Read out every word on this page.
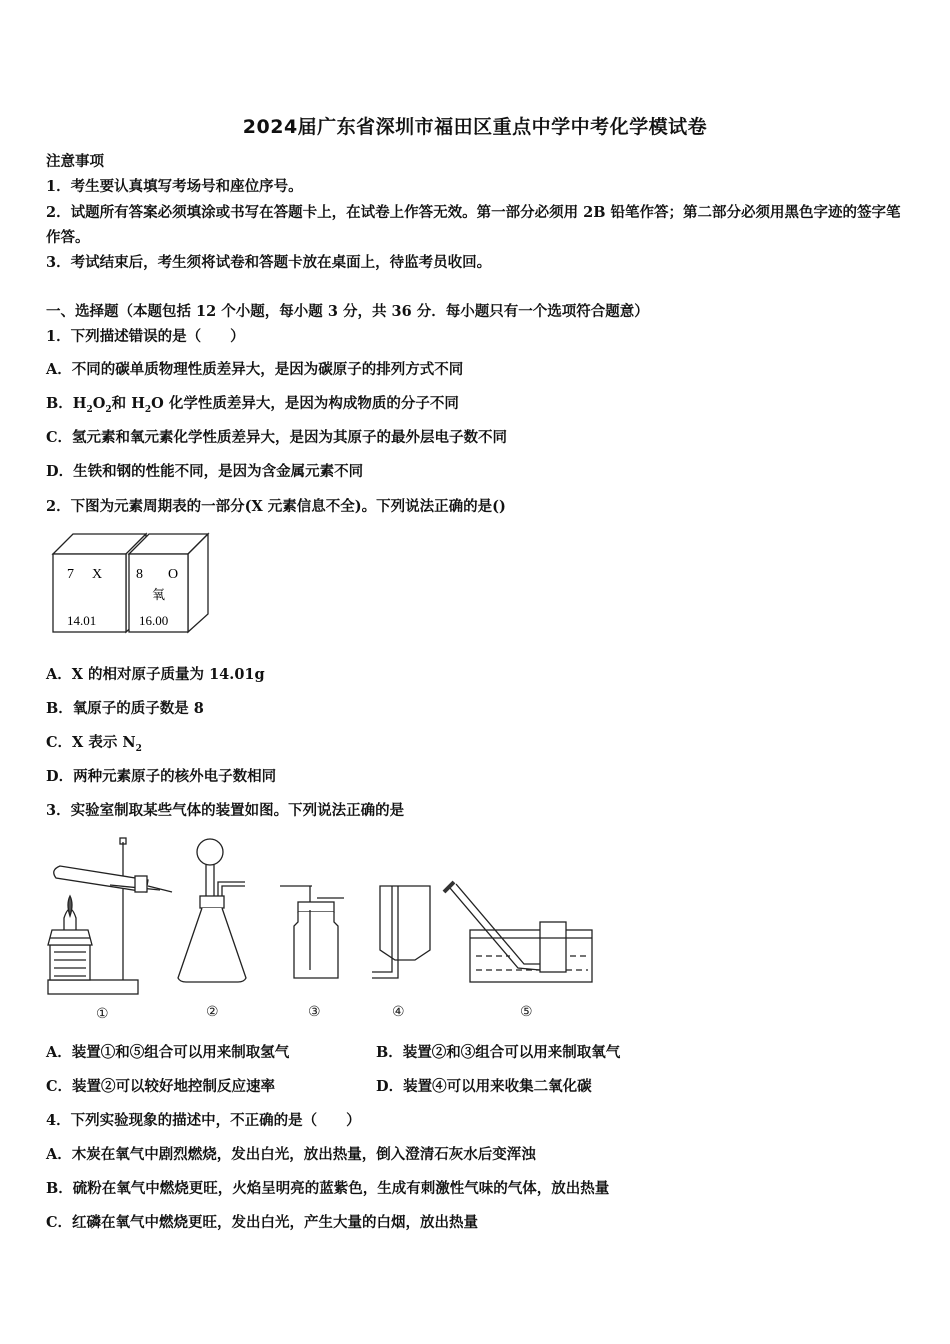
2024届广东省深圳市福田区重点中学中考化学模试卷
注意事项
1．考生要认真填写考场号和座位序号。
2．试题所有答案必须填涂或书写在答题卡上，在试卷上作答无效。第一部分必须用 2B 铅笔作答；第二部分必须用黑色字迹的签字笔作答。
3．考试结束后，考生须将试卷和答题卡放在桌面上，待监考员收回。
一、选择题（本题包括 12 个小题，每小题 3 分，共 36 分．每小题只有一个选项符合题意）
1．下列描述错误的是（　　）
A．不同的碳单质物理性质差异大，是因为碳原子的排列方式不同
B．$H_2O_2$和 $H_2O$ 化学性质差异大，是因为构成物质的分子不同
C．氢元素和氧元素化学性质差异大，是因为其原子的最外层电子数不同
D．生铁和钢的性能不同，是因为含金属元素不同
2．下图为元素周期表的一部分(X 元素信息不全)。下列说法正确的是()
7 X
14.01
8 O
氧
16.00
A．X 的相对原子质量为 14.01g
B．氧原子的质子数是 8
C．X 表示 $N_2$
D．两种元素原子的核外电子数相同
3．实验室制取某些气体的装置如图。下列说法正确的是
①	②	③	④	⑤
A．装置①和⑤组合可以用来制取氢气	B．装置②和③组合可以用来制取氧气
C．装置②可以较好地控制反应速率	D．装置④可以用来收集二氧化碳
4．下列实验现象的描述中，不正确的是（　　）
A．木炭在氧气中剧烈燃烧，发出白光，放出热量，倒入澄清石灰水后变浑浊
B．硫粉在氧气中燃烧更旺，火焰呈明亮的蓝紫色，生成有刺激性气味的气体，放出热量
C．红磷在氧气中燃烧更旺，发出白光，产生大量的白烟，放出热量
